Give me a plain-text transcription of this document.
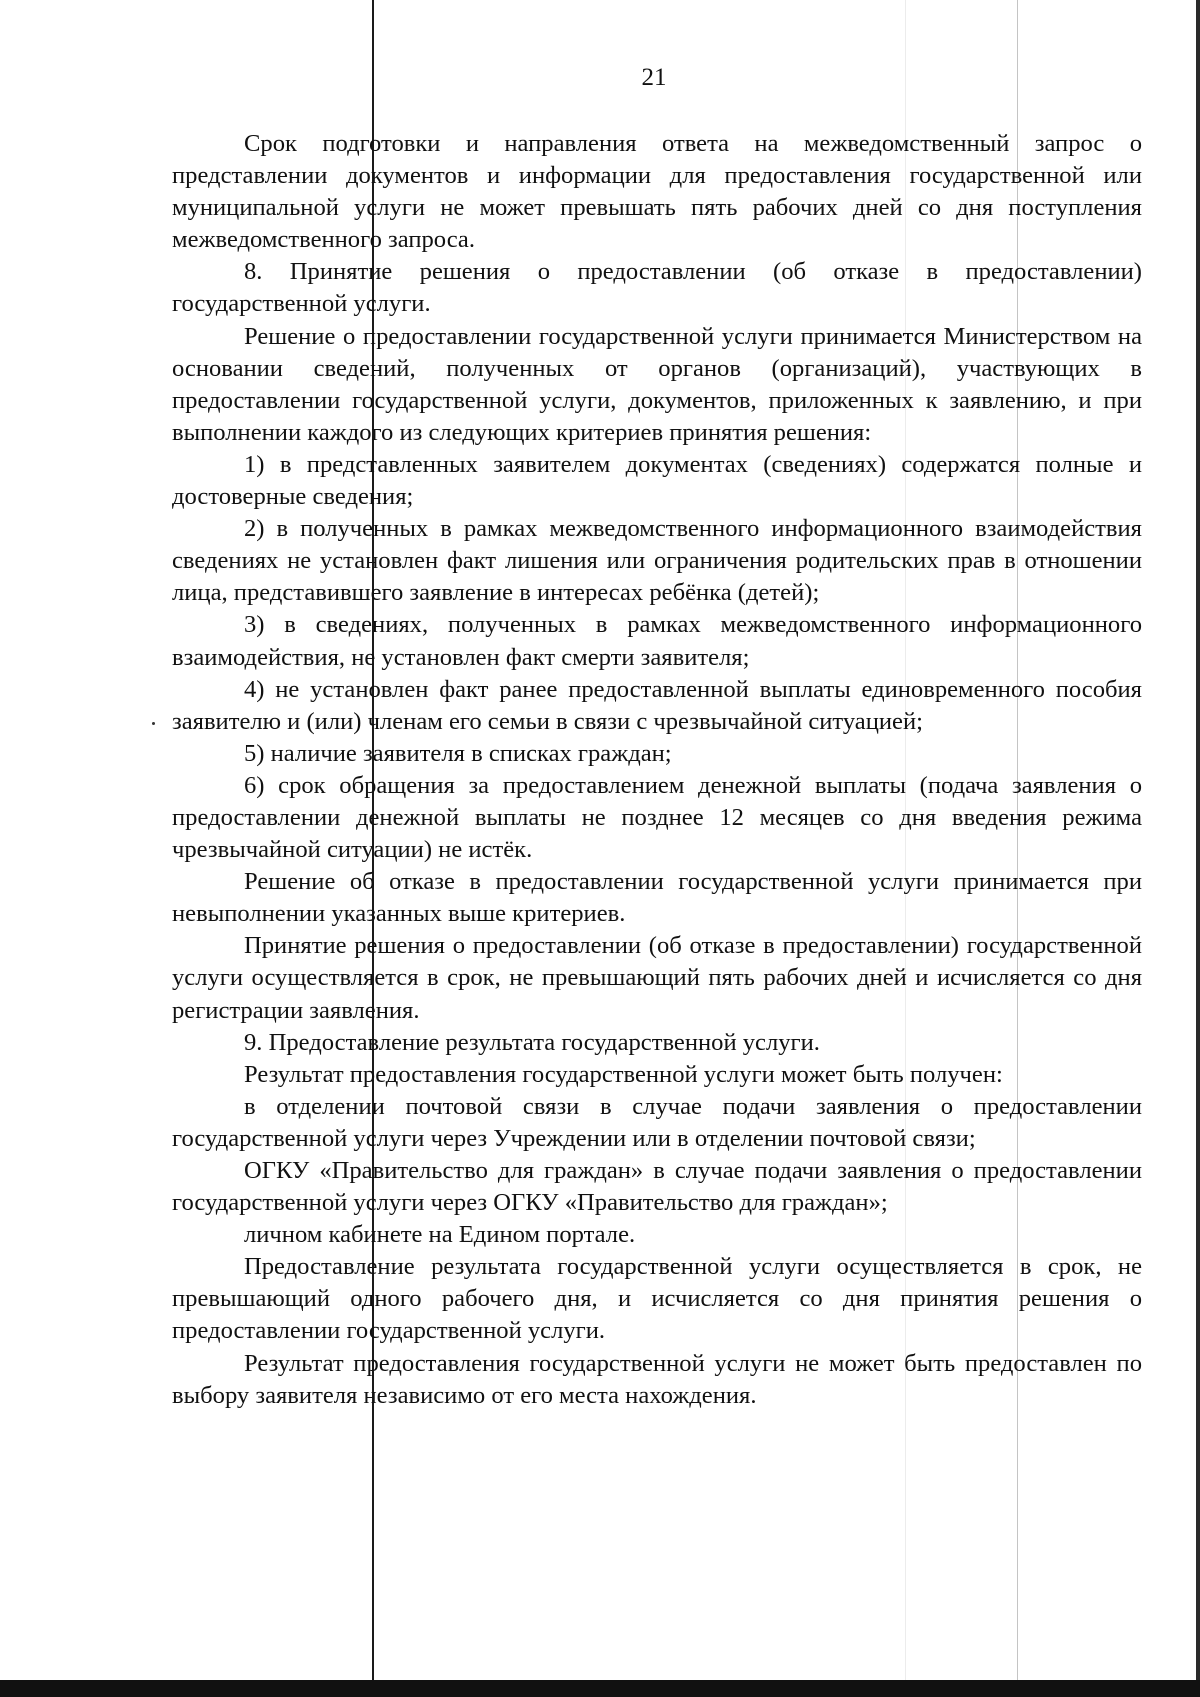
21

Срок подготовки и направления ответа на межведомственный запрос о представлении документов и информации для предоставления государственной или муниципальной услуги не может превышать пять рабочих дней со дня поступления межведомственного запроса.

8. Принятие решения о предоставлении (об отказе в предоставлении) государственной услуги.

Решение о предоставлении государственной услуги принимается Министерством на основании сведений, полученных от органов (организаций), участвующих в предоставлении государственной услуги, документов, приложенных к заявлению, и при выполнении каждого из следующих критериев принятия решения:

1) в представленных заявителем документах (сведениях) содержатся полные и достоверные сведения;

2) в полученных в рамках межведомственного информационного взаимодействия сведениях не установлен факт лишения или ограничения родительских прав в отношении лица, представившего заявление в интересах ребёнка (детей);

3) в сведениях, полученных в рамках межведомственного информационного взаимодействия, не установлен факт смерти заявителя;

4) не установлен факт ранее предоставленной выплаты единовременного пособия заявителю и (или) членам его семьи в связи с чрезвычайной ситуацией;

5) наличие заявителя в списках граждан;

6) срок обращения за предоставлением денежной выплаты (подача заявления о предоставлении денежной выплаты не позднее 12 месяцев со дня введения режима чрезвычайной ситуации) не истёк.

Решение об отказе в предоставлении государственной услуги принимается при невыполнении указанных выше критериев.

Принятие решения о предоставлении (об отказе в предоставлении) государственной услуги осуществляется в срок, не превышающий пять рабочих дней и исчисляется со дня регистрации заявления.

9. Предоставление результата государственной услуги.

Результат предоставления государственной услуги может быть получен:

в отделении почтовой связи в случае подачи заявления о предоставлении государственной услуги через Учреждении или в отделении почтовой связи;

ОГКУ «Правительство для граждан» в случае подачи заявления о предоставлении государственной услуги через ОГКУ «Правительство для граждан»;

личном кабинете на Едином портале.

Предоставление результата государственной услуги осуществляется в срок, не превышающий одного рабочего дня, и исчисляется со дня принятия решения о предоставлении государственной услуги.

Результат предоставления государственной услуги не может быть предоставлен по выбору заявителя независимо от его места нахождения.
